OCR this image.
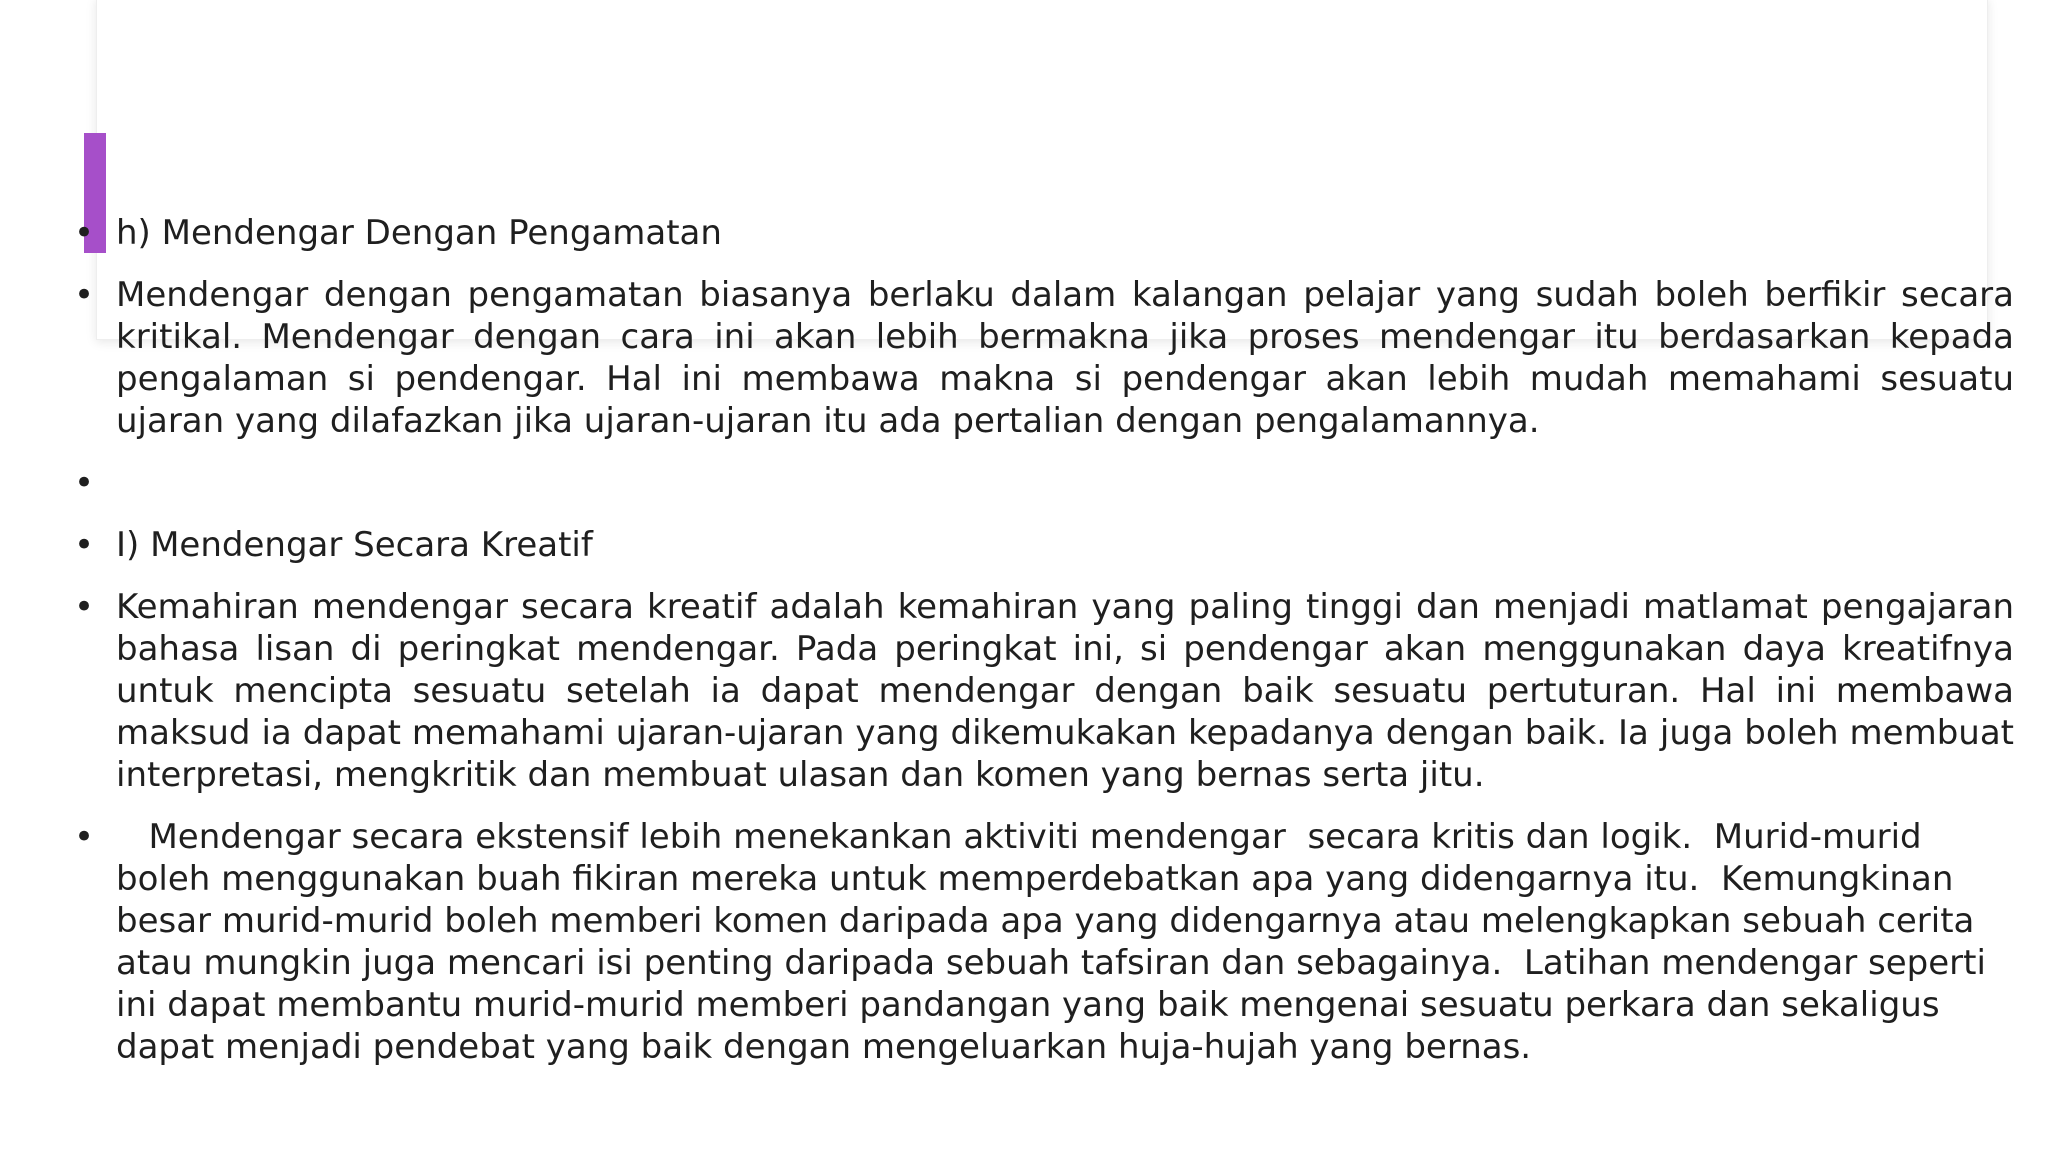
• h) Mendengar Dengan Pengamatan
• Mendengar dengan pengamatan biasanya berlaku dalam kalangan pelajar yang sudah boleh berfikir secara kritikal. Mendengar dengan cara ini akan lebih bermakna jika proses mendengar itu berdasarkan kepada pengalaman si pendengar. Hal ini membawa makna si pendengar akan lebih mudah memahami sesuatu ujaran yang dilafazkan jika ujaran-ujaran itu ada pertalian dengan pengalamannya.
•
• I) Mendengar Secara Kreatif
• Kemahiran mendengar secara kreatif adalah kemahiran yang paling tinggi dan menjadi matlamat pengajaran bahasa lisan di peringkat mendengar. Pada peringkat ini, si pendengar akan menggunakan daya kreatifnya untuk mencipta sesuatu setelah ia dapat mendengar dengan baik sesuatu pertuturan. Hal ini membawa maksud ia dapat memahami ujaran-ujaran yang dikemukakan kepadanya dengan baik. Ia juga boleh membuat interpretasi, mengkritik dan membuat ulasan dan komen yang bernas serta jitu.
•    Mendengar secara ekstensif lebih menekankan aktiviti mendengar  secara kritis dan logik.  Murid-murid boleh menggunakan buah fikiran mereka untuk memperdebatkan apa yang didengarnya itu.  Kemungkinan besar murid-murid boleh memberi komen daripada apa yang didengarnya atau melengkapkan sebuah cerita atau mungkin juga mencari isi penting daripada sebuah tafsiran dan sebagainya.  Latihan mendengar seperti ini dapat membantu murid-murid memberi pandangan yang baik mengenai sesuatu perkara dan sekaligus dapat menjadi pendebat yang baik dengan mengeluarkan huja-hujah yang bernas.
